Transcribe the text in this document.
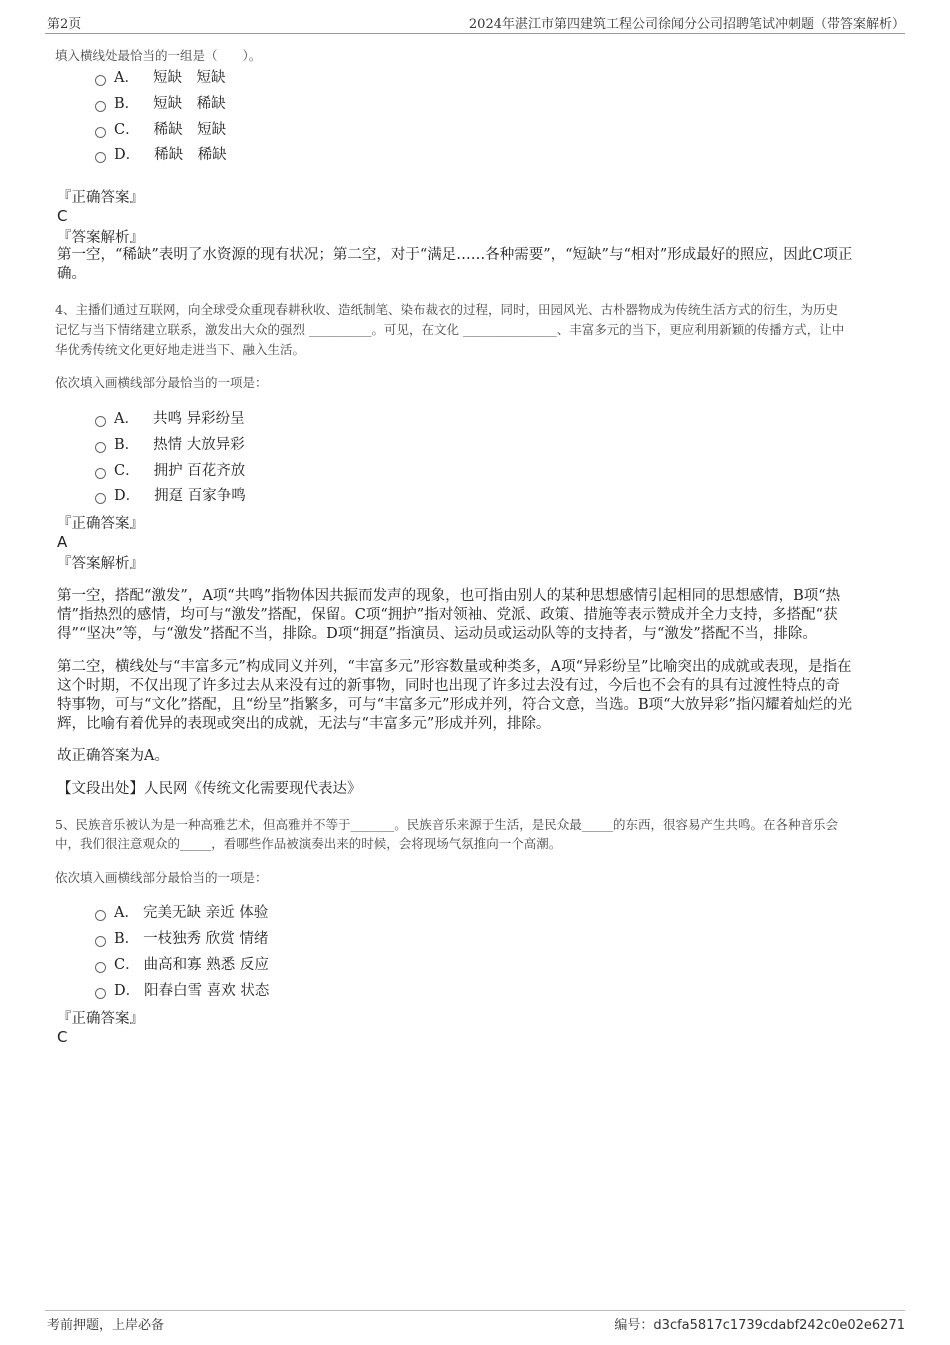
第2页	2024年湛江市第四建筑工程公司徐闻分公司招聘笔试冲刺题（带答案解析）
填入横线处最恰当的一组是（　　）。
A． 短缺　短缺
B． 短缺　稀缺
C． 稀缺　短缺
D． 稀缺　稀缺
『正确答案』
C
『答案解析』
第一空，“稀缺”表明了水资源的现有状况；第二空，对于“满足……各种需要”，“短缺”与“相对”形成最好的照应，因此C项正
确。
4、主播们通过互联网，向全球受众重现春耕秋收、造纸制笔、染布裁衣的过程，同时，田园风光、古朴器物成为传统生活方式的衍生，为历史
记忆与当下情绪建立联系，激发出大众的强烈 __________。可见，在文化 _______________、丰富多元的当下，更应利用新颖的传播方式，让中
华优秀传统文化更好地走进当下、融入生活。
依次填入画横线部分最恰当的一项是：
A． 共鸣 异彩纷呈
B． 热情 大放异彩
C． 拥护 百花齐放
D． 拥趸 百家争鸣
『正确答案』
A
『答案解析』
第一空，搭配“激发”，A项“共鸣”指物体因共振而发声的现象，也可指由别人的某种思想感情引起相同的思想感情，B项“热
情”指热烈的感情，均可与“激发”搭配，保留。C项“拥护”指对领袖、党派、政策、措施等表示赞成并全力支持，多搭配“获
得”“坚决”等，与“激发”搭配不当，排除。D项“拥趸”指演员、运动员或运动队等的支持者，与“激发”搭配不当，排除。
第二空，横线处与“丰富多元”构成同义并列，“丰富多元”形容数量或种类多，A项“异彩纷呈”比喻突出的成就或表现，是指在
这个时期，不仅出现了许多过去从来没有过的新事物，同时也出现了许多过去没有过，今后也不会有的具有过渡性特点的奇
特事物，可与“文化”搭配，且“纷呈”指繁多，可与“丰富多元”形成并列，符合文意，当选。B项“大放异彩”指闪耀着灿烂的光
辉，比喻有着优异的表现或突出的成就，无法与“丰富多元”形成并列，排除。
故正确答案为A。
【文段出处】人民网《传统文化需要现代表达》
5、民族音乐被认为是一种高雅艺术，但高雅并不等于_______。民族音乐来源于生活，是民众最_____的东西，很容易产生共鸣。在各种音乐会
中，我们很注意观众的_____，看哪些作品被演奏出来的时候，会将现场气氛推向一个高潮。
依次填入画横线部分最恰当的一项是：
A． 完美无缺 亲近 体验
B． 一枝独秀 欣赏 情绪
C． 曲高和寡 熟悉 反应
D． 阳春白雪 喜欢 状态
『正确答案』
C
考前押题，上岸必备	编号：d3cfa5817c1739cdabf242c0e02e6271
